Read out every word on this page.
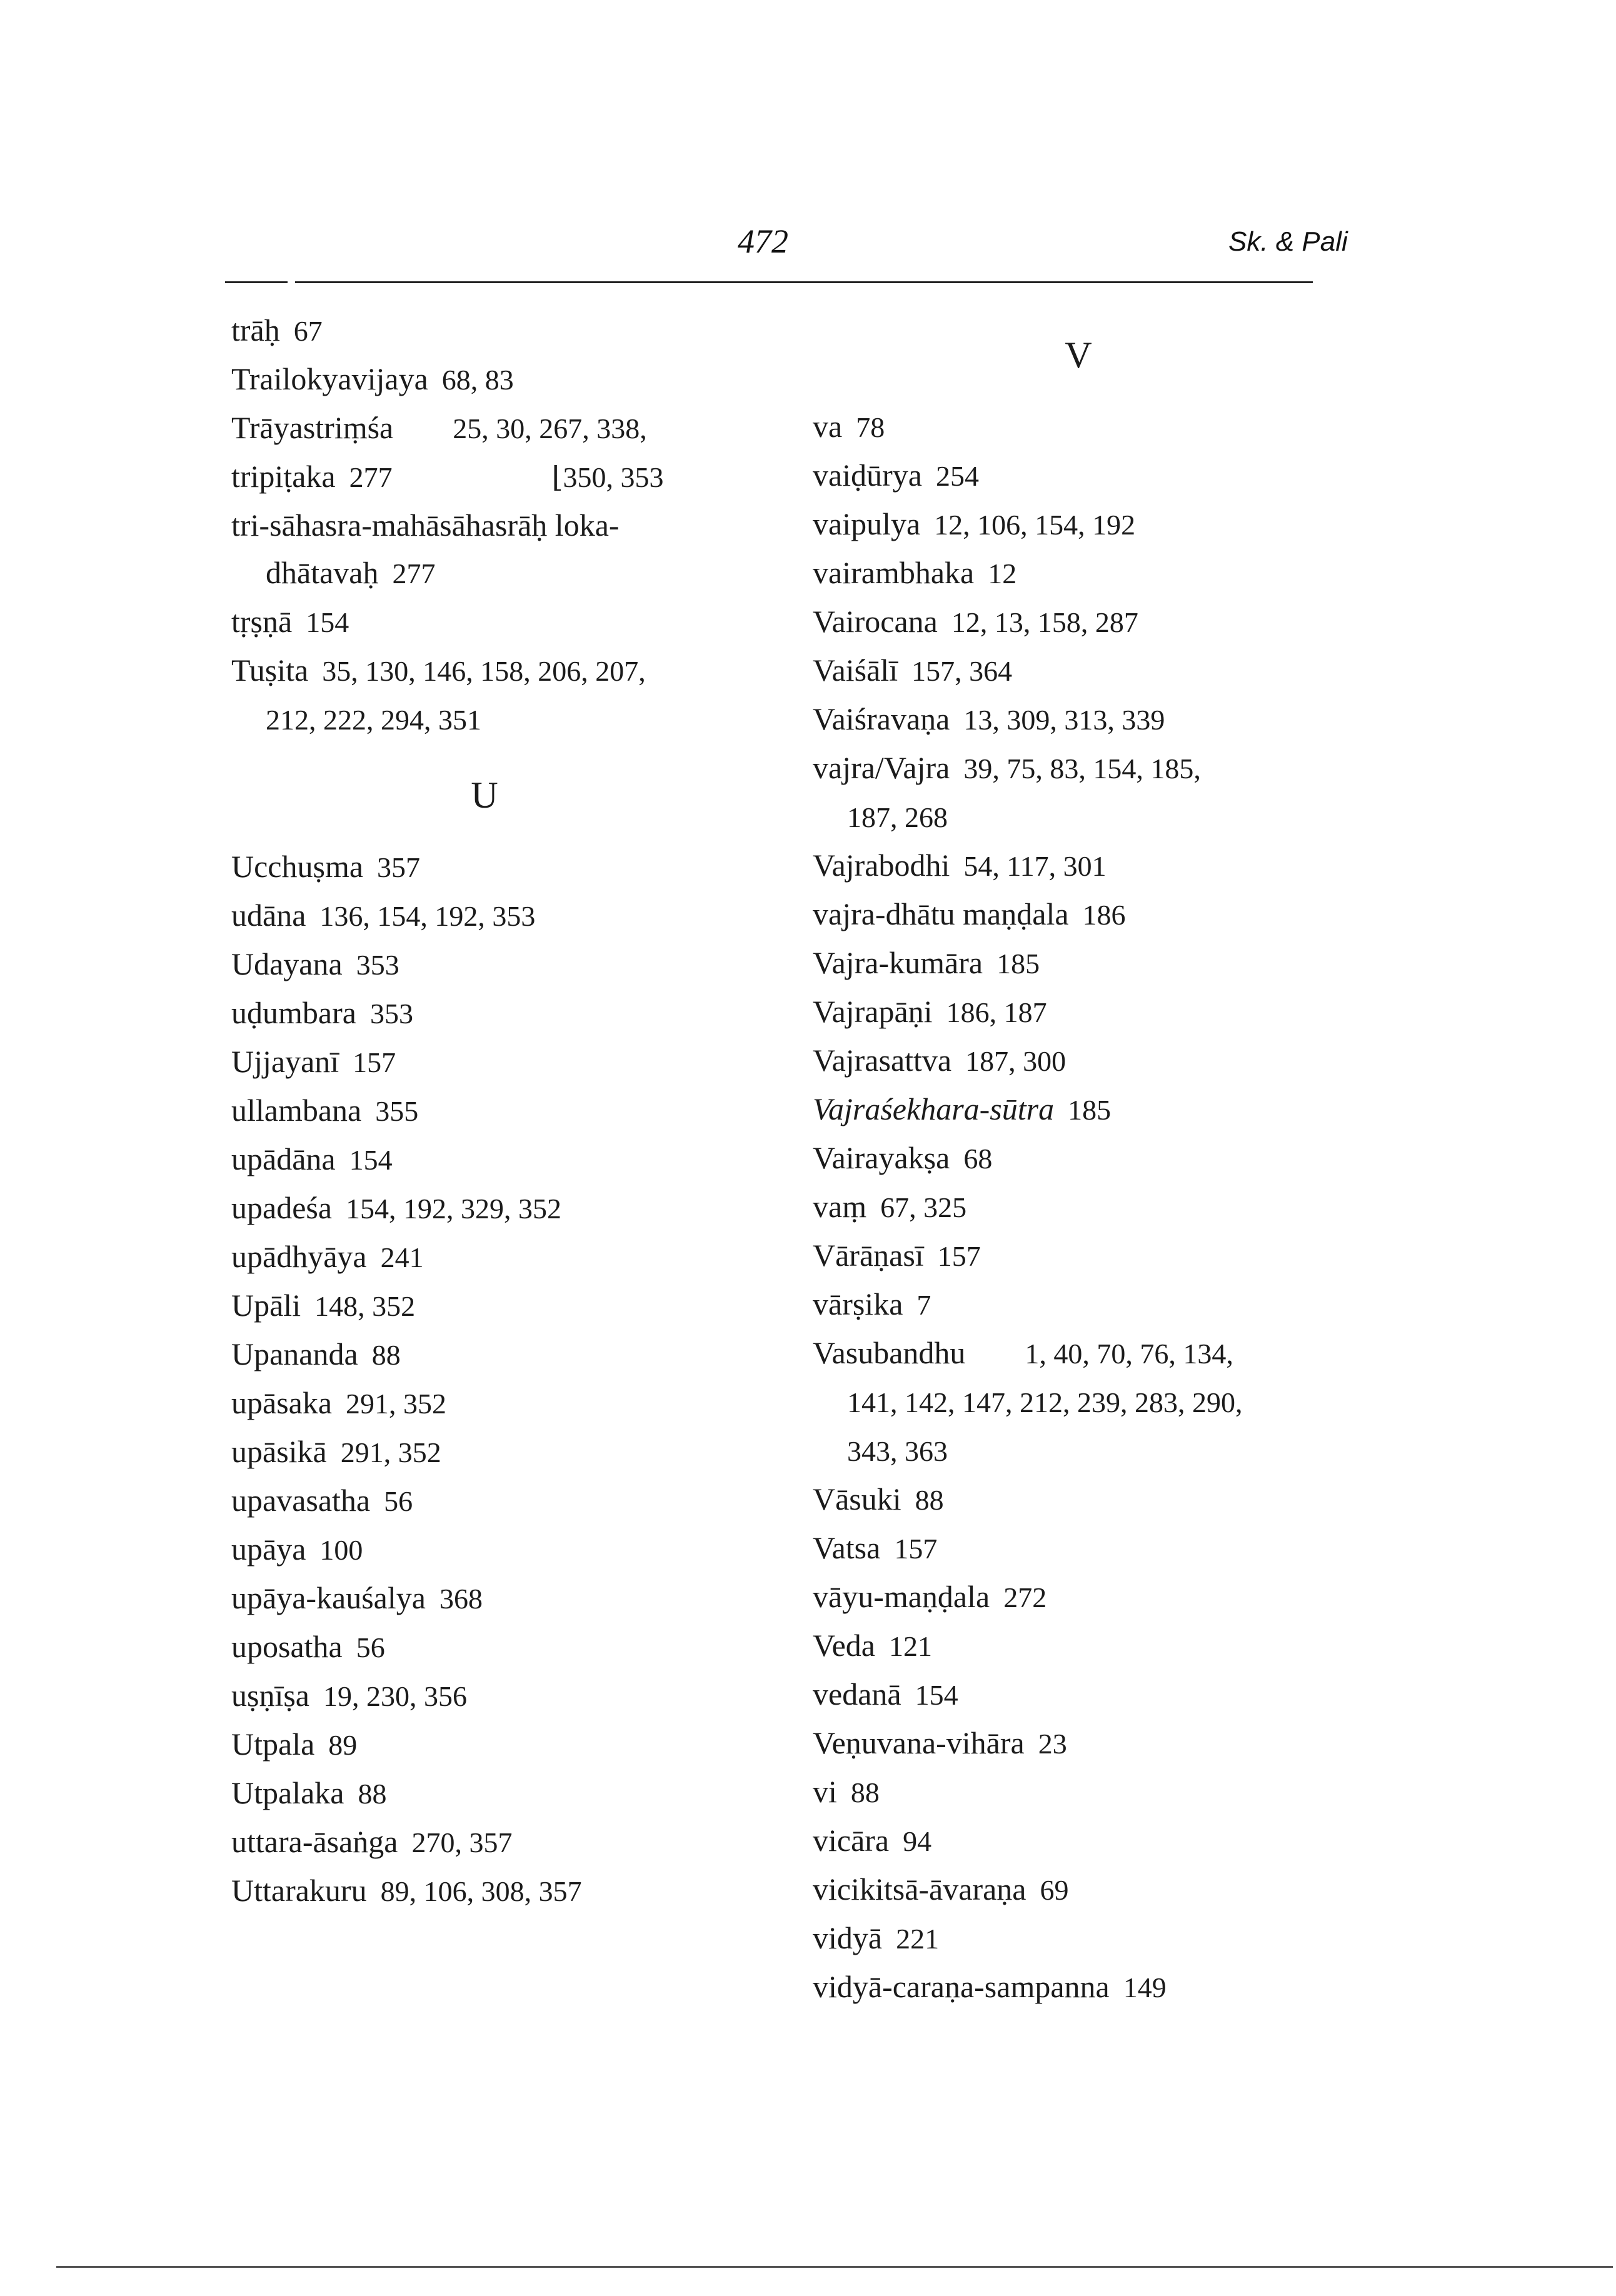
472	Sk. & Pali
trāḥ 67
Trailokyavijaya 68, 83
Trāyastriṃśa 25, 30, 267, 338,
tripiṭaka 277	⌊350, 353
tri-sāhasra-mahāsāhasrāḥ loka-
dhātavaḥ 277
tṛṣṇā 154
Tuṣita 35, 130, 146, 158, 206, 207,
212, 222, 294, 351
U
Ucchuṣma 357
udāna 136, 154, 192, 353
Udayana 353
uḍumbara 353
Ujjayanī 157
ullambana 355
upādāna 154
upadeśa 154, 192, 329, 352
upādhyāya 241
Upāli 148, 352
Upananda 88
upāsaka 291, 352
upāsikā 291, 352
upavasatha 56
upāya 100
upāya-kauśalya 368
uposatha 56
uṣṇīṣa 19, 230, 356
Utpala 89
Utpalaka 88
uttara-āsaṅga 270, 357
Uttarakuru 89, 106, 308, 357
V
va 78
vaiḍūrya 254
vaipulya 12, 106, 154, 192
vairambhaka 12
Vairocana 12, 13, 158, 287
Vaiśālī 157, 364
Vaiśravaṇa 13, 309, 313, 339
vajra/Vajra 39, 75, 83, 154, 185,
187, 268
Vajrabodhi 54, 117, 301
vajra-dhātu maṇḍala 186
Vajra-kumāra 185
Vajrapāṇi 186, 187
Vajrasattva 187, 300
Vajraśekhara-sūtra 185
Vairayakṣa 68
vaṃ 67, 325
Vārāṇasī 157
vārṣika 7
Vasubandhu 1, 40, 70, 76, 134,
141, 142, 147, 212, 239, 283, 290,
343, 363
Vāsuki 88
Vatsa 157
vāyu-maṇḍala 272
Veda 121
vedanā 154
Veṇuvana-vihāra 23
vi 88
vicāra 94
vicikitsā-āvaraṇa 69
vidyā 221
vidyā-caraṇa-sampanna 149
